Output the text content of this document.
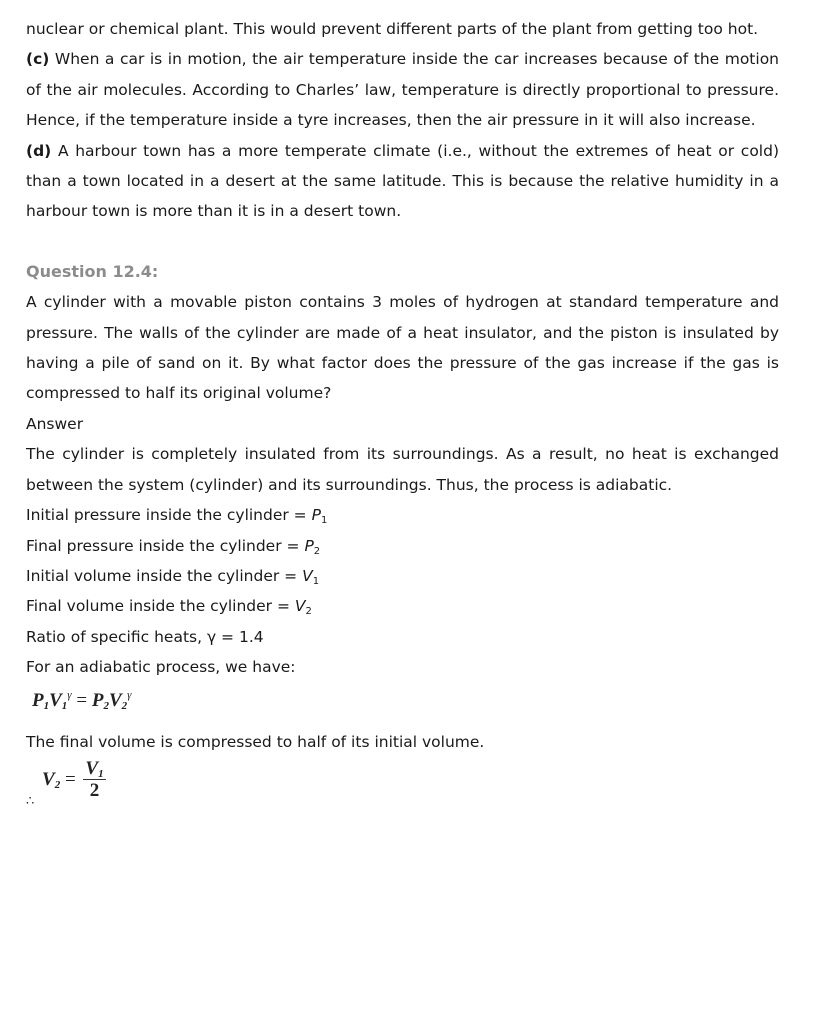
nuclear or chemical plant. This would prevent different parts of the plant from getting too hot.

(c) When a car is in motion, the air temperature inside the car increases because of the motion of the air molecules. According to Charles’ law, temperature is directly proportional to pressure. Hence, if the temperature inside a tyre increases, then the air pressure in it will also increase.

(d) A harbour town has a more temperate climate (i.e., without the extremes of heat or cold) than a town located in a desert at the same latitude. This is because the relative humidity in a harbour town is more than it is in a desert town.

Question 12.4:

A cylinder with a movable piston contains 3 moles of hydrogen at standard temperature and pressure. The walls of the cylinder are made of a heat insulator, and the piston is insulated by having a pile of sand on it. By what factor does the pressure of the gas increase if the gas is compressed to half its original volume?

Answer

The cylinder is completely insulated from its surroundings. As a result, no heat is exchanged between the system (cylinder) and its surroundings. Thus, the process is adiabatic.

Initial pressure inside the cylinder = $P_1$

Final pressure inside the cylinder = $P_2$

Initial volume inside the cylinder = $V_1$

Final volume inside the cylinder = $V_2$

Ratio of specific heats, γ = 1.4

For an adiabatic process, we have:

$P_1V_1^\gamma = P_2V_2^\gamma$

The final volume is compressed to half of its initial volume.

$V_2 = \frac{V_1}{2}$
∴
